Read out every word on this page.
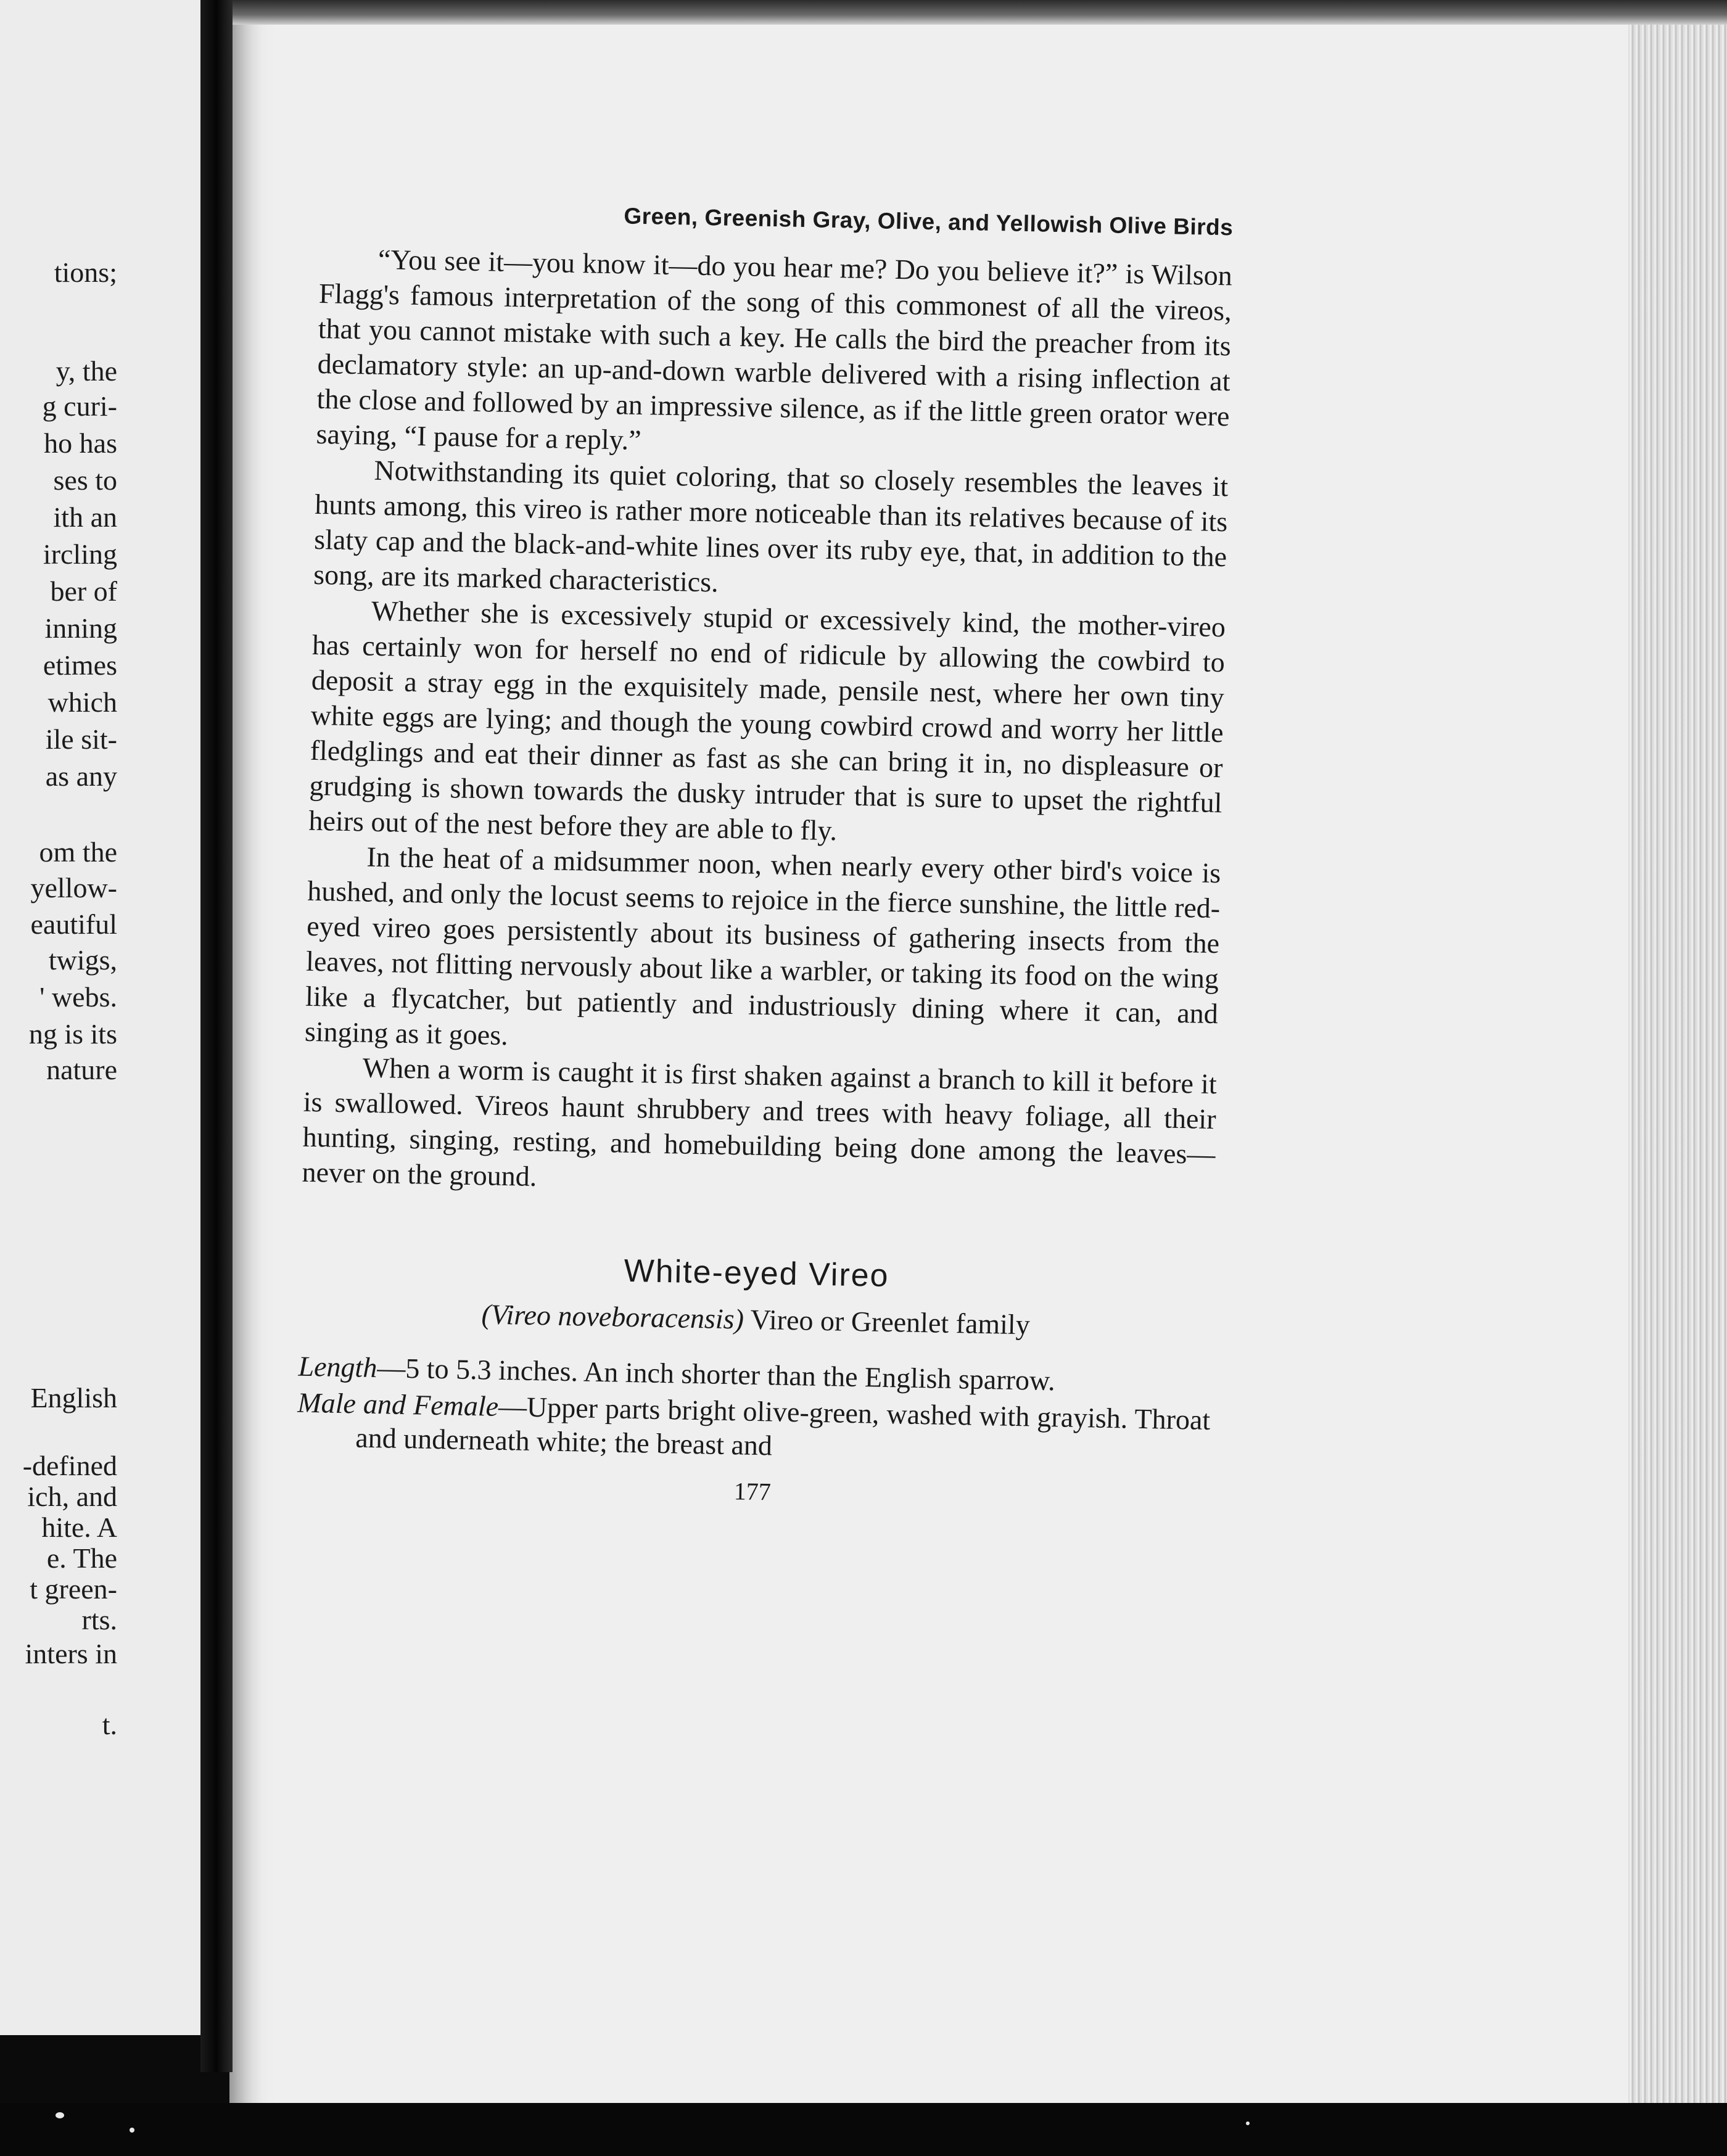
tions;
y, the
g curi-
ho has
ses to
ith an
ircling
ber of
inning
etimes
which
ile sit-
as any
om the
yellow-
eautiful
twigs,
' webs.
ng is its
nature
English
-defined
ich, and
hite. A
e. The
t green-
rts.
inters in
t.
Green, Greenish Gray, Olive, and Yellowish Olive Birds

“You see it—you know it—do you hear me? Do you believe it?” is Wilson Flagg's famous interpretation of the song of this commonest of all the vireos, that you cannot mistake with such a key. He calls the bird the preacher from its declamatory style: an up-and-down warble delivered with a rising inflection at the close and followed by an impressive silence, as if the little green orator were saying, “I pause for a reply.”

Notwithstanding its quiet coloring, that so closely resembles the leaves it hunts among, this vireo is rather more noticeable than its relatives because of its slaty cap and the black-and-white lines over its ruby eye, that, in addition to the song, are its marked characteristics.

Whether she is excessively stupid or excessively kind, the mother-vireo has certainly won for herself no end of ridicule by allowing the cowbird to deposit a stray egg in the exquisitely made, pensile nest, where her own tiny white eggs are lying; and though the young cowbird crowd and worry her little fledglings and eat their dinner as fast as she can bring it in, no displeasure or grudging is shown towards the dusky intruder that is sure to upset the rightful heirs out of the nest before they are able to fly.

In the heat of a midsummer noon, when nearly every other bird's voice is hushed, and only the locust seems to rejoice in the fierce sunshine, the little red-eyed vireo goes persistently about its business of gathering insects from the leaves, not flitting nervously about like a warbler, or taking its food on the wing like a flycatcher, but patiently and industriously dining where it can, and singing as it goes.

When a worm is caught it is first shaken against a branch to kill it before it is swallowed. Vireos haunt shrubbery and trees with heavy foliage, all their hunting, singing, resting, and homebuilding being done among the leaves—never on the ground.

White-eyed Vireo
(Vireo noveboracensis) Vireo or Greenlet family

Length—5 to 5.3 inches. An inch shorter than the English sparrow.

Male and Female—Upper parts bright olive-green, washed with grayish. Throat and underneath white; the breast and

177
